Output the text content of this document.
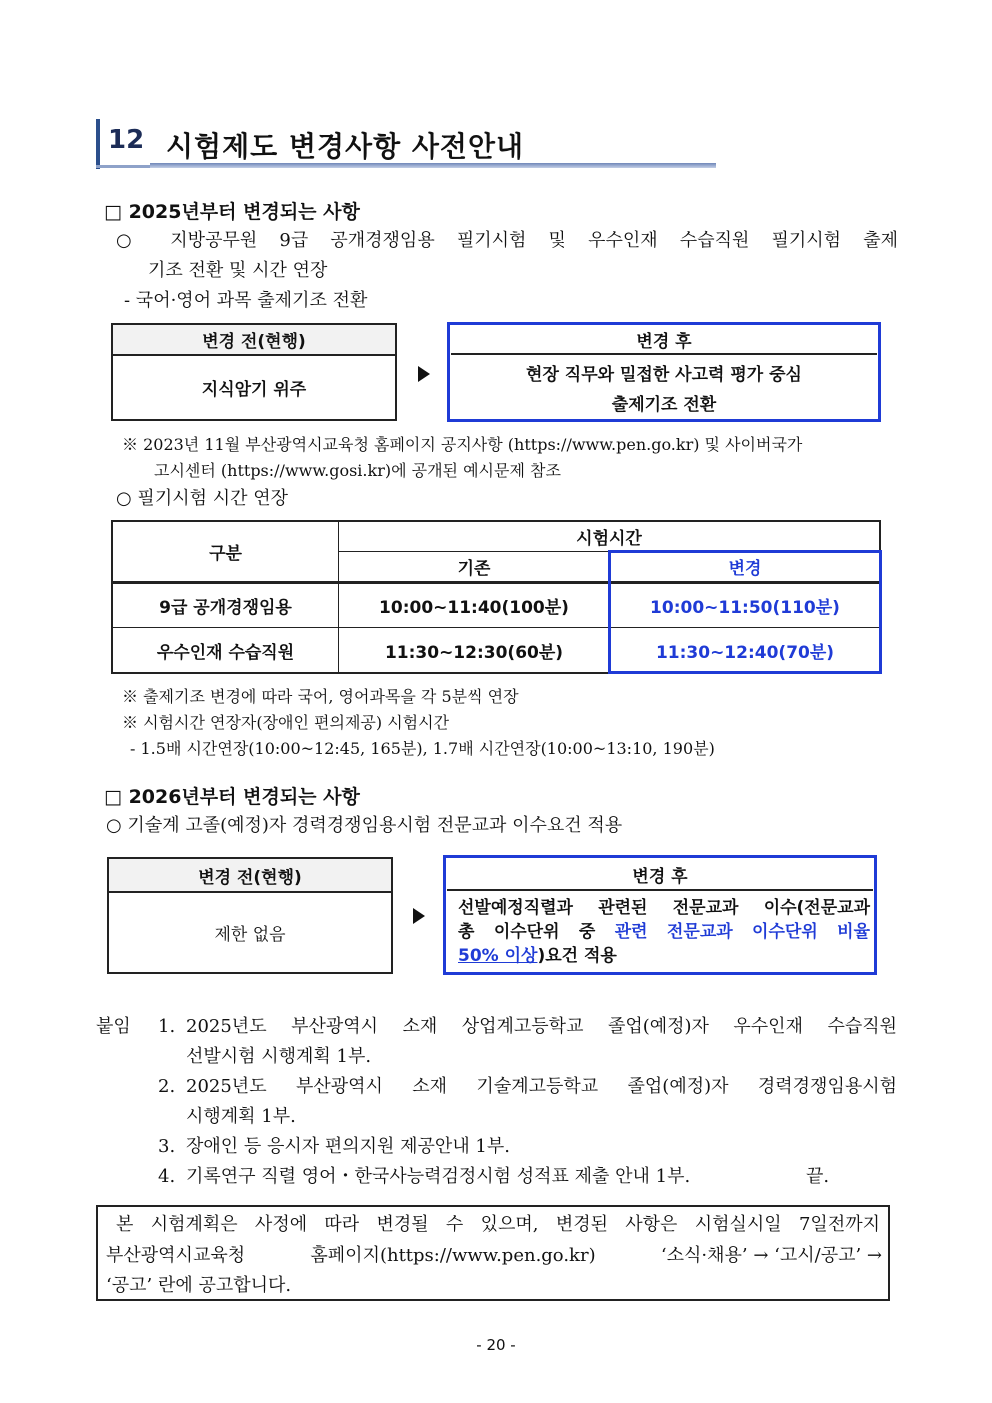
12 시험제도 변경사항 사전안내
□ 2025년부터 변경되는 사항
○ 지방공무원 9급 공개경쟁임용 필기시험 및 우수인재 수습직원 필기시험 출제
기조 전환 및 시간 연장
- 국어·영어 과목 출제기조 전환
변경 전(현행)
지식암기 위주
변경 후
현장 직무와 밀접한 사고력 평가 중심
출제기조 전환
※ 2023년 11월 부산광역시교육청 홈페이지 공지사항 (https://www.pen.go.kr) 및 사이버국가
고시센터 (https://www.gosi.kr)에 공개된 예시문제 참조
○ 필기시험 시간 연장
구분
시험시간
기존	변경
9급 공개경쟁임용	10:00~11:40(100분)	10:00~11:50(110분)
우수인재 수습직원	11:30~12:30(60분)	11:30~12:40(70분)
※ 출제기조 변경에 따라 국어, 영어과목을 각 5분씩 연장
※ 시험시간 연장자(장애인 편의제공) 시험시간
- 1.5배 시간연장(10:00~12:45, 165분), 1.7배 시간연장(10:00~13:10, 190분)
□ 2026년부터 변경되는 사항
○ 기술계 고졸(예정)자 경력경쟁임용시험 전문교과 이수요건 적용
변경 전(현행)
제한 없음
변경 후
선발예정직렬과 관련된 전문교과 이수(전문교과
총 이수단위 중 관련 전문교과 이수단위 비율
50% 이상)요건 적용
붙임 1. 2025년도 부산광역시 소재 상업계고등학교 졸업(예정)자 우수인재 수습직원
선발시험 시행계획 1부.
2. 2025년도 부산광역시 소재 기술계고등학교 졸업(예정)자 경력경쟁임용시험
시행계획 1부.
3. 장애인 등 응시자 편의지원 제공안내 1부.
4. 기록연구 직렬 영어・한국사능력검정시험 성적표 제출 안내 1부.	끝.
본 시험계획은 사정에 따라 변경될 수 있으며, 변경된 사항은 시험실시일 7일전까지
부산광역시교육청	홈페이지(https://www.pen.go.kr)	‘소식·채용’ → ‘고시/공고’ →
‘공고’ 란에 공고합니다.
- 20 -
